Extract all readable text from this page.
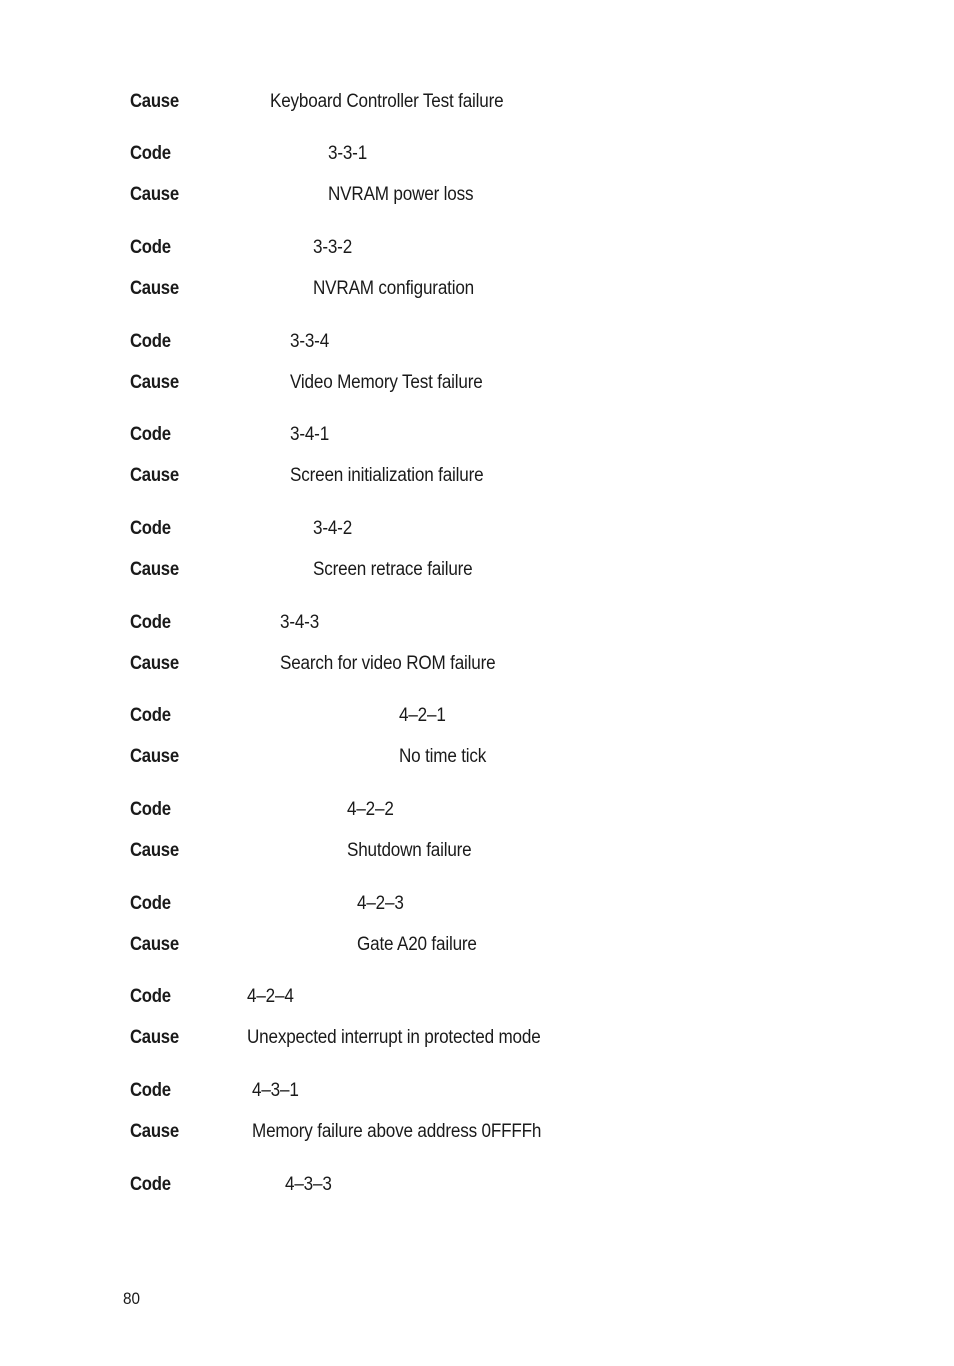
Cause	Keyboard Controller Test failure
Code	3-3-1
Cause	NVRAM power loss
Code	3-3-2
Cause	NVRAM configuration
Code	3-3-4
Cause	Video Memory Test failure
Code	3-4-1
Cause	Screen initialization failure
Code	3-4-2
Cause	Screen retrace failure
Code	3-4-3
Cause	Search for video ROM failure
Code	4–2–1
Cause	No time tick
Code	4–2–2
Cause	Shutdown failure
Code	4–2–3
Cause	Gate A20 failure
Code	4–2–4
Cause	Unexpected interrupt in protected mode
Code	4–3–1
Cause	Memory failure above address 0FFFFh
Code	4–3–3
80
